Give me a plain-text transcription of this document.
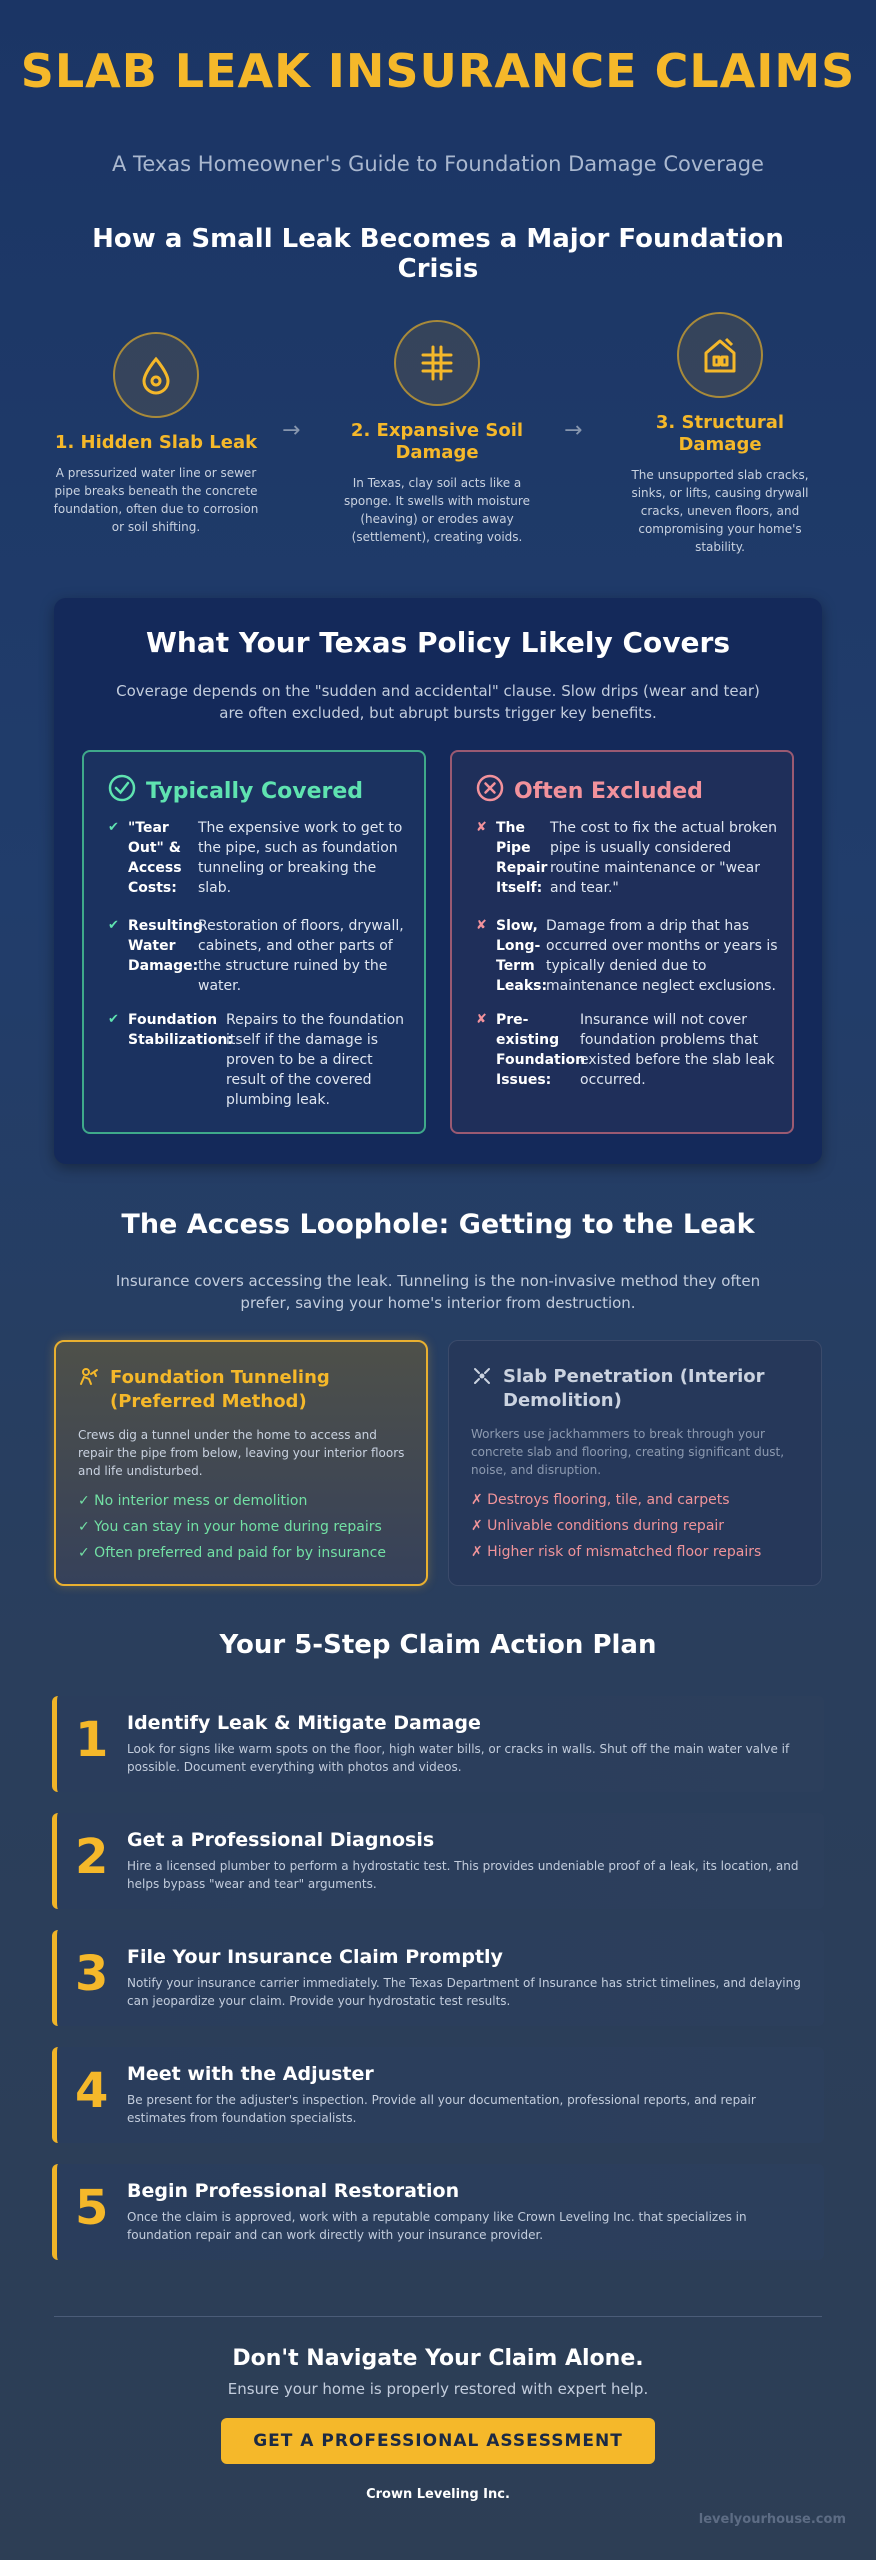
SLAB LEAK INSURANCE CLAIMS
A Texas Homeowner's Guide to Foundation Damage Coverage
How a Small Leak Becomes a Major Foundation Crisis
1. Hidden Slab Leak
A pressurized water line or sewer pipe breaks beneath the concrete foundation, often due to corrosion or soil shifting.
→	2. Expansive Soil Damage
In Texas, clay soil acts like a sponge. It swells with moisture (heaving) or erodes away (settlement), creating voids.
→	3. Structural Damage
The unsupported slab cracks, sinks, or lifts, causing drywall cracks, uneven floors, and compromising your home's stability.
What Your Texas Policy Likely Covers
Coverage depends on the "sudden and accidental" clause. Slow drips (wear and tear) are often excluded, but abrupt bursts trigger key benefits.
Typically Covered
✔ "Tear Out" & Access Costs:
The expensive work to get to the pipe, such as foundation tunneling or breaking the slab.
✔ Resulting Water Damage:
Restoration of floors, drywall, cabinets, and other parts of the structure ruined by the water.
✔ Foundation Stabilization:
Repairs to the foundation itself if the damage is proven to be a direct result of the covered plumbing leak.
Often Excluded
✘ The Pipe Repair Itself:
The cost to fix the actual broken pipe is usually considered routine maintenance or "wear and tear."
✘ Slow, Long-Term Leaks:
Damage from a drip that has occurred over months or years is typically denied due to maintenance neglect exclusions.
✘ Pre-existing Foundation Issues:
Insurance will not cover foundation problems that existed before the slab leak occurred.
The Access Loophole: Getting to the Leak
Insurance covers accessing the leak. Tunneling is the non-invasive method they often prefer, saving your home's interior from destruction.
Foundation Tunneling (Preferred Method)
Crews dig a tunnel under the home to access and repair the pipe from below, leaving your interior floors and life undisturbed.
✓ No interior mess or demolition
✓ You can stay in your home during repairs
✓ Often preferred and paid for by insurance
Slab Penetration (Interior Demolition)
Workers use jackhammers to break through your concrete slab and flooring, creating significant dust, noise, and disruption.
✗ Destroys flooring, tile, and carpets
✗ Unlivable conditions during repair
✗ Higher risk of mismatched floor repairs
Your 5-Step Claim Action Plan
1 Identify Leak & Mitigate Damage
Look for signs like warm spots on the floor, high water bills, or cracks in walls. Shut off the main water valve if possible. Document everything with photos and videos.
2 Get a Professional Diagnosis
Hire a licensed plumber to perform a hydrostatic test. This provides undeniable proof of a leak, its location, and helps bypass "wear and tear" arguments.
3 File Your Insurance Claim Promptly
Notify your insurance carrier immediately. The Texas Department of Insurance has strict timelines, and delaying can jeopardize your claim. Provide your hydrostatic test results.
4 Meet with the Adjuster
Be present for the adjuster's inspection. Provide all your documentation, professional reports, and repair estimates from foundation specialists.
5 Begin Professional Restoration
Once the claim is approved, work with a reputable company like Crown Leveling Inc. that specializes in foundation repair and can work directly with your insurance provider.
Don't Navigate Your Claim Alone.
Ensure your home is properly restored with expert help.
GET A PROFESSIONAL ASSESSMENT
Crown Leveling Inc.
levelyourhouse.com
